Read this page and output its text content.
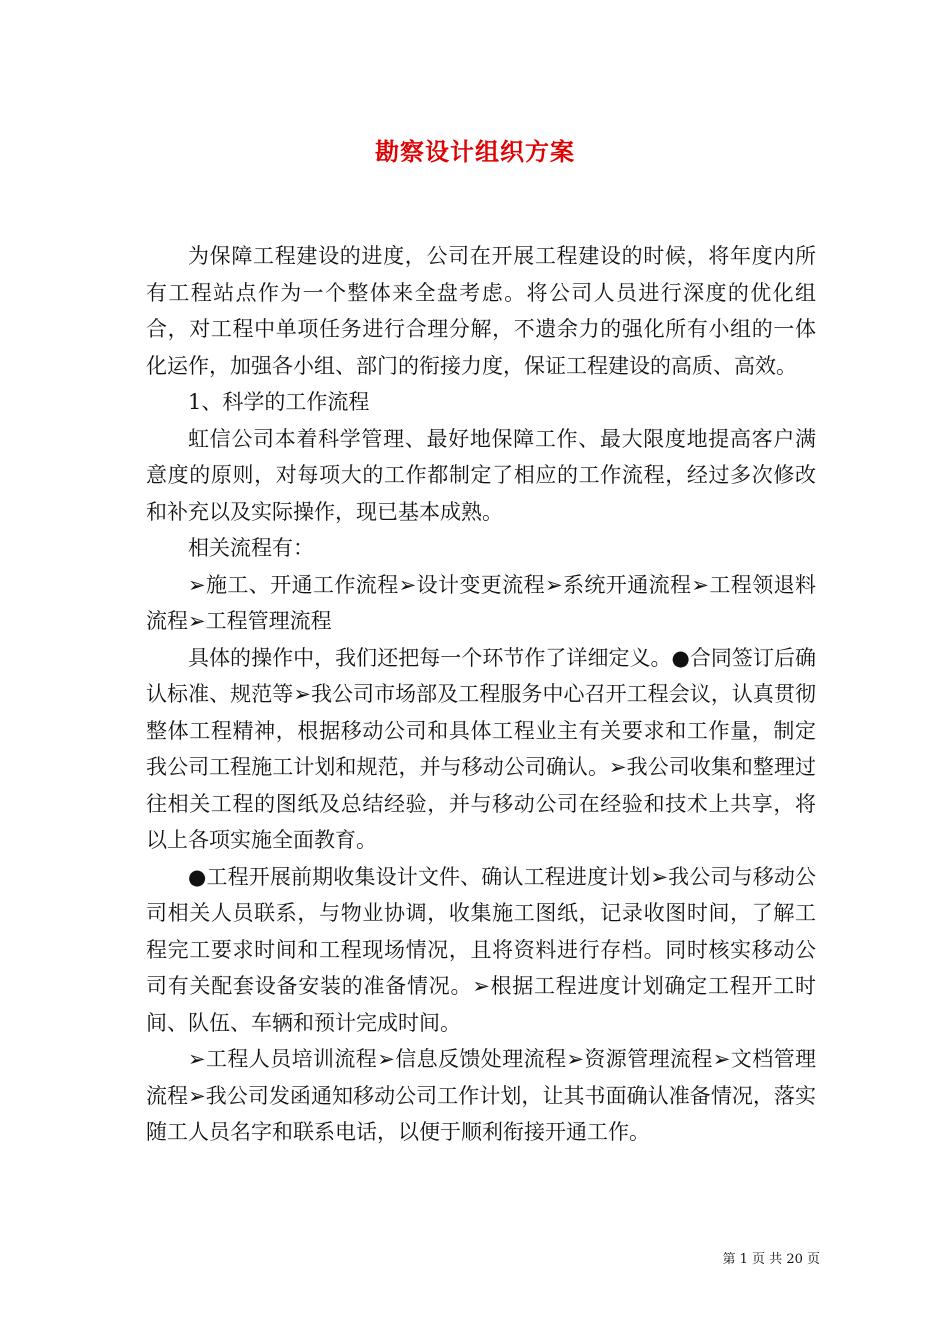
勘察设计组织方案

为保障工程建设的进度，公司在开展工程建设的时候，将年度内所有工程站点作为一个整体来全盘考虑。将公司人员进行深度的优化组合，对工程中单项任务进行合理分解，不遗余力的强化所有小组的一体化运作，加强各小组、部门的衔接力度，保证工程建设的高质、高效。

1、科学的工作流程

虹信公司本着科学管理、最好地保障工作、最大限度地提高客户满意度的原则，对每项大的工作都制定了相应的工作流程，经过多次修改和补充以及实际操作，现已基本成熟。

相关流程有：

➢施工、开通工作流程➢设计变更流程➢系统开通流程➢工程领退料流程➢工程管理流程

具体的操作中，我们还把每一个环节作了详细定义。●合同签订后确认标准、规范等➢我公司市场部及工程服务中心召开工程会议，认真贯彻整体工程精神，根据移动公司和具体工程业主有关要求和工作量，制定我公司工程施工计划和规范，并与移动公司确认。➢我公司收集和整理过往相关工程的图纸及总结经验，并与移动公司在经验和技术上共享，将以上各项实施全面教育。

●工程开展前期收集设计文件、确认工程进度计划➢我公司与移动公司相关人员联系，与物业协调，收集施工图纸，记录收图时间，了解工程完工要求时间和工程现场情况，且将资料进行存档。同时核实移动公司有关配套设备安装的准备情况。➢根据工程进度计划确定工程开工时间、队伍、车辆和预计完成时间。

➢工程人员培训流程➢信息反馈处理流程➢资源管理流程➢文档管理流程➢我公司发函通知移动公司工作计划，让其书面确认准备情况，落实随工人员名字和联系电话，以便于顺利衔接开通工作。

第 1 页 共 20 页
